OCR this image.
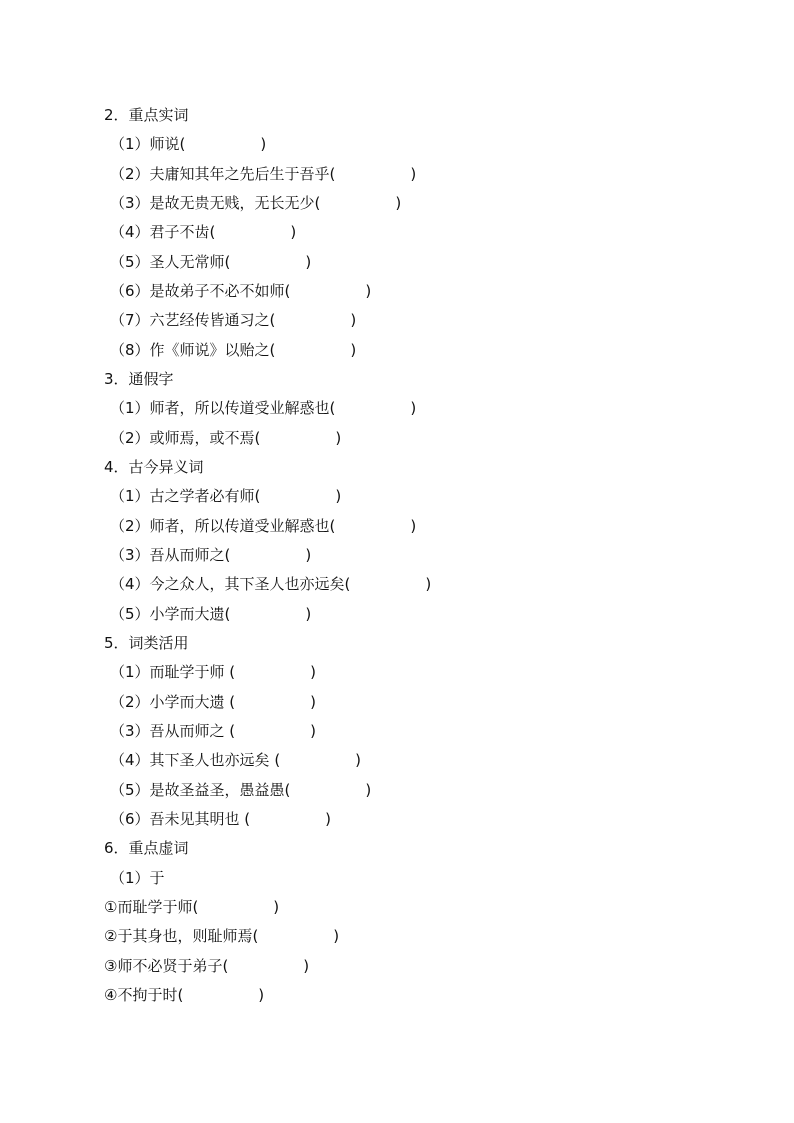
2．重点实词
（1）师说(　　　　　)
（2）夫庸知其年之先后生于吾乎(　　　　　)
（3）是故无贵无贱，无长无少(　　　　　)
（4）君子不齿(　　　　　)
（5）圣人无常师(　　　　　)
（6）是故弟子不必不如师(　　　　　)
（7）六艺经传皆通习之(　　　　　)
（8）作《师说》以贻之(　　　　　)
3．通假字
（1）师者，所以传道受业解惑也(　　　　　)
（2）或师焉，或不焉(　　　　　)
4．古今异义词
（1）古之学者必有师(　　　　　)
（2）师者，所以传道受业解惑也(　　　　　)
（3）吾从而师之(　　　　　)
（4）今之众人，其下圣人也亦远矣(　　　　　)
（5）小学而大遗(　　　　　)
5．词类活用
（1）而耻学于师 (　　　　　)
（2）小学而大遗 (　　　　　)
（3）吾从而师之 (　　　　　)
（4）其下圣人也亦远矣 (　　　　　)
（5）是故圣益圣，愚益愚(　　　　　)
（6）吾未见其明也 (　　　　　)
6．重点虚词
（1）于
①而耻学于师(　　　　　)
②于其身也，则耻师焉(　　　　　)
③师不必贤于弟子(　　　　　)
④不拘于时(　　　　　)
